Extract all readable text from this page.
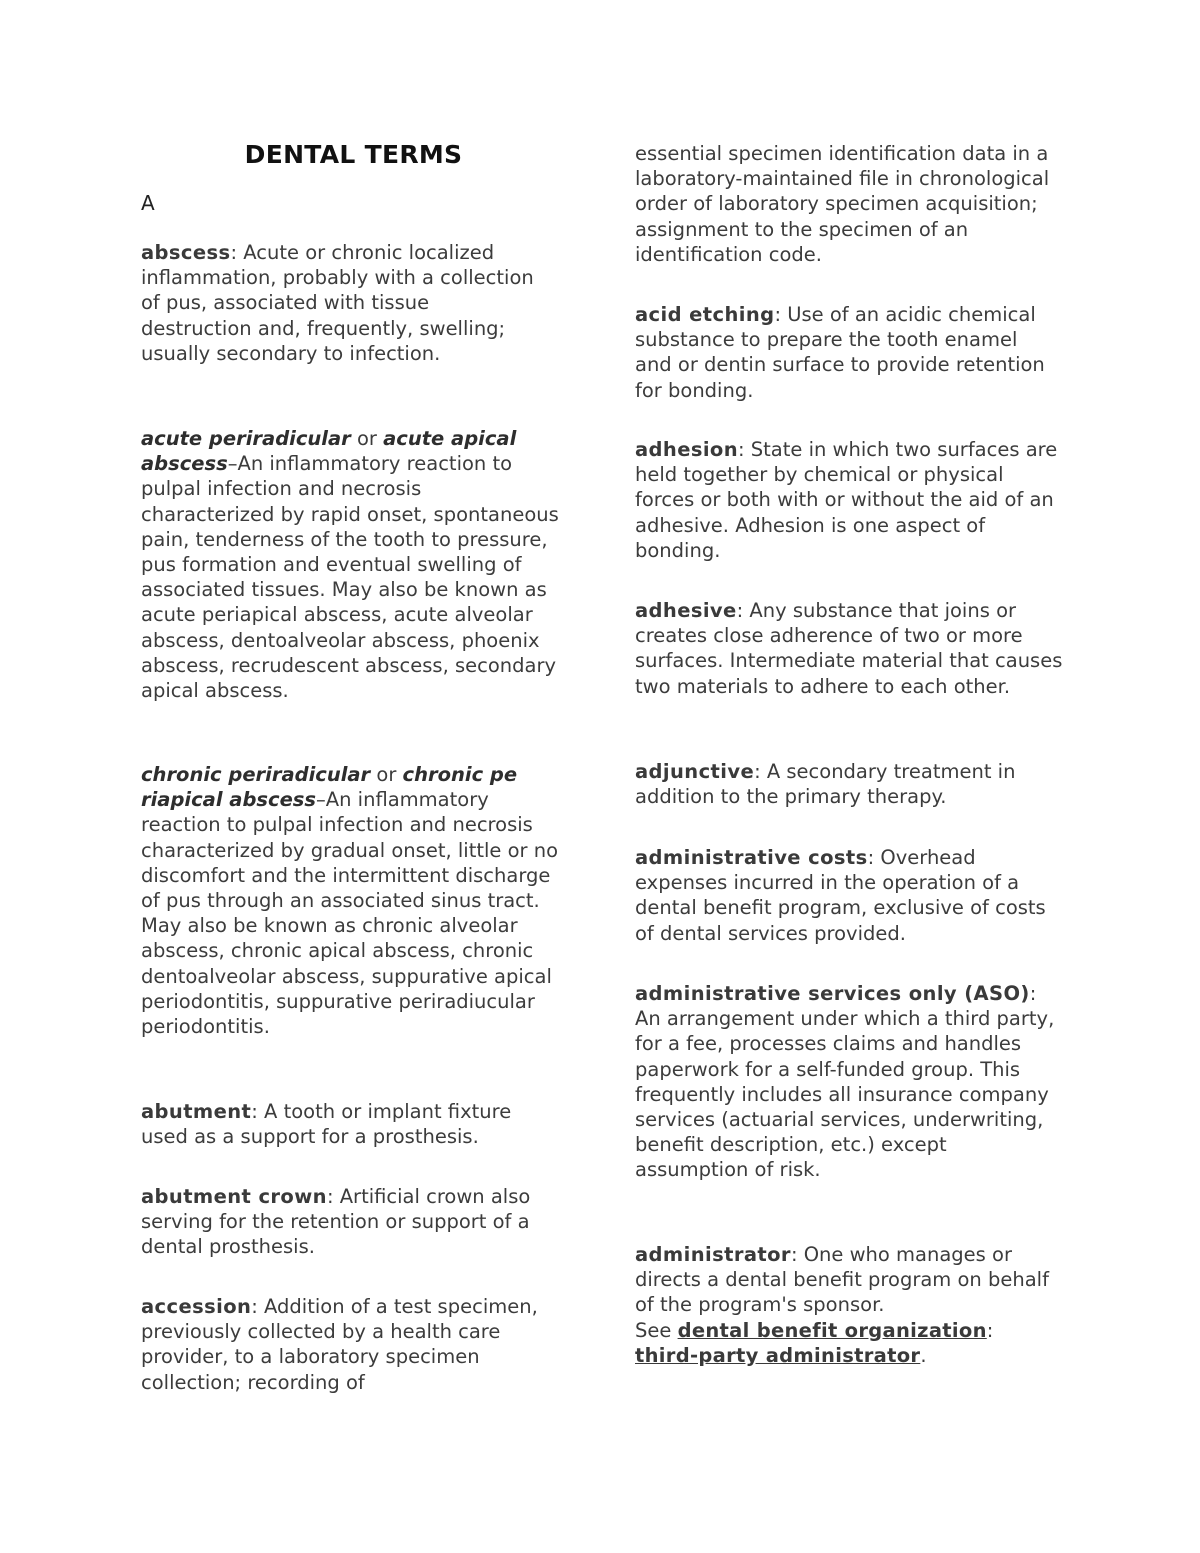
DENTAL TERMS
A

abscess: Acute or chronic localized inflammation, probably with a collection of pus, associated with tissue destruction and, frequently, swelling; usually secondary to infection.

acute periradicular or acute apical abscess–An inflammatory reaction to pulpal infection and necrosis characterized by rapid onset, spontaneous pain, tenderness of the tooth to pressure, pus formation and eventual swelling of associated tissues. May also be known as acute periapical abscess, acute alveolar abscess, dentoalveolar abscess, phoenix abscess, recrudescent abscess, secondary apical abscess.

chronic periradicular or chronic pe riapical abscess–An inflammatory reaction to pulpal infection and necrosis characterized by gradual onset, little or no discomfort and the intermittent discharge of pus through an associated sinus tract. May also be known as chronic alveolar abscess, chronic apical abscess, chronic dentoalveolar abscess, suppurative apical periodontitis, suppurative periradiucular periodontitis.

abutment: A tooth or implant fixture used as a support for a prosthesis.

abutment crown: Artificial crown also serving for the retention or support of a dental prosthesis.

accession: Addition of a test specimen, previously collected by a health care provider, to a laboratory specimen collection; recording of

essential specimen identification data in a laboratory-maintained file in chronological order of laboratory specimen acquisition; assignment to the specimen of an identification code.

acid etching: Use of an acidic chemical substance to prepare the tooth enamel and or dentin surface to provide retention for bonding.

adhesion: State in which two surfaces are held together by chemical or physical forces or both with or without the aid of an adhesive. Adhesion is one aspect of bonding.

adhesive: Any substance that joins or creates close adherence of two or more surfaces. Intermediate material that causes two materials to adhere to each other.

adjunctive: A secondary treatment in addition to the primary therapy.

administrative costs: Overhead expenses incurred in the operation of a dental benefit program, exclusive of costs of dental services provided.

administrative services only (ASO): An arrangement under which a third party, for a fee, processes claims and handles paperwork for a self-funded group. This frequently includes all insurance company services (actuarial services, underwriting, benefit description, etc.) except assumption of risk.

administrator: One who manages or directs a dental benefit program on behalf of the program's sponsor.
See dental benefit organization: third-party administrator.
